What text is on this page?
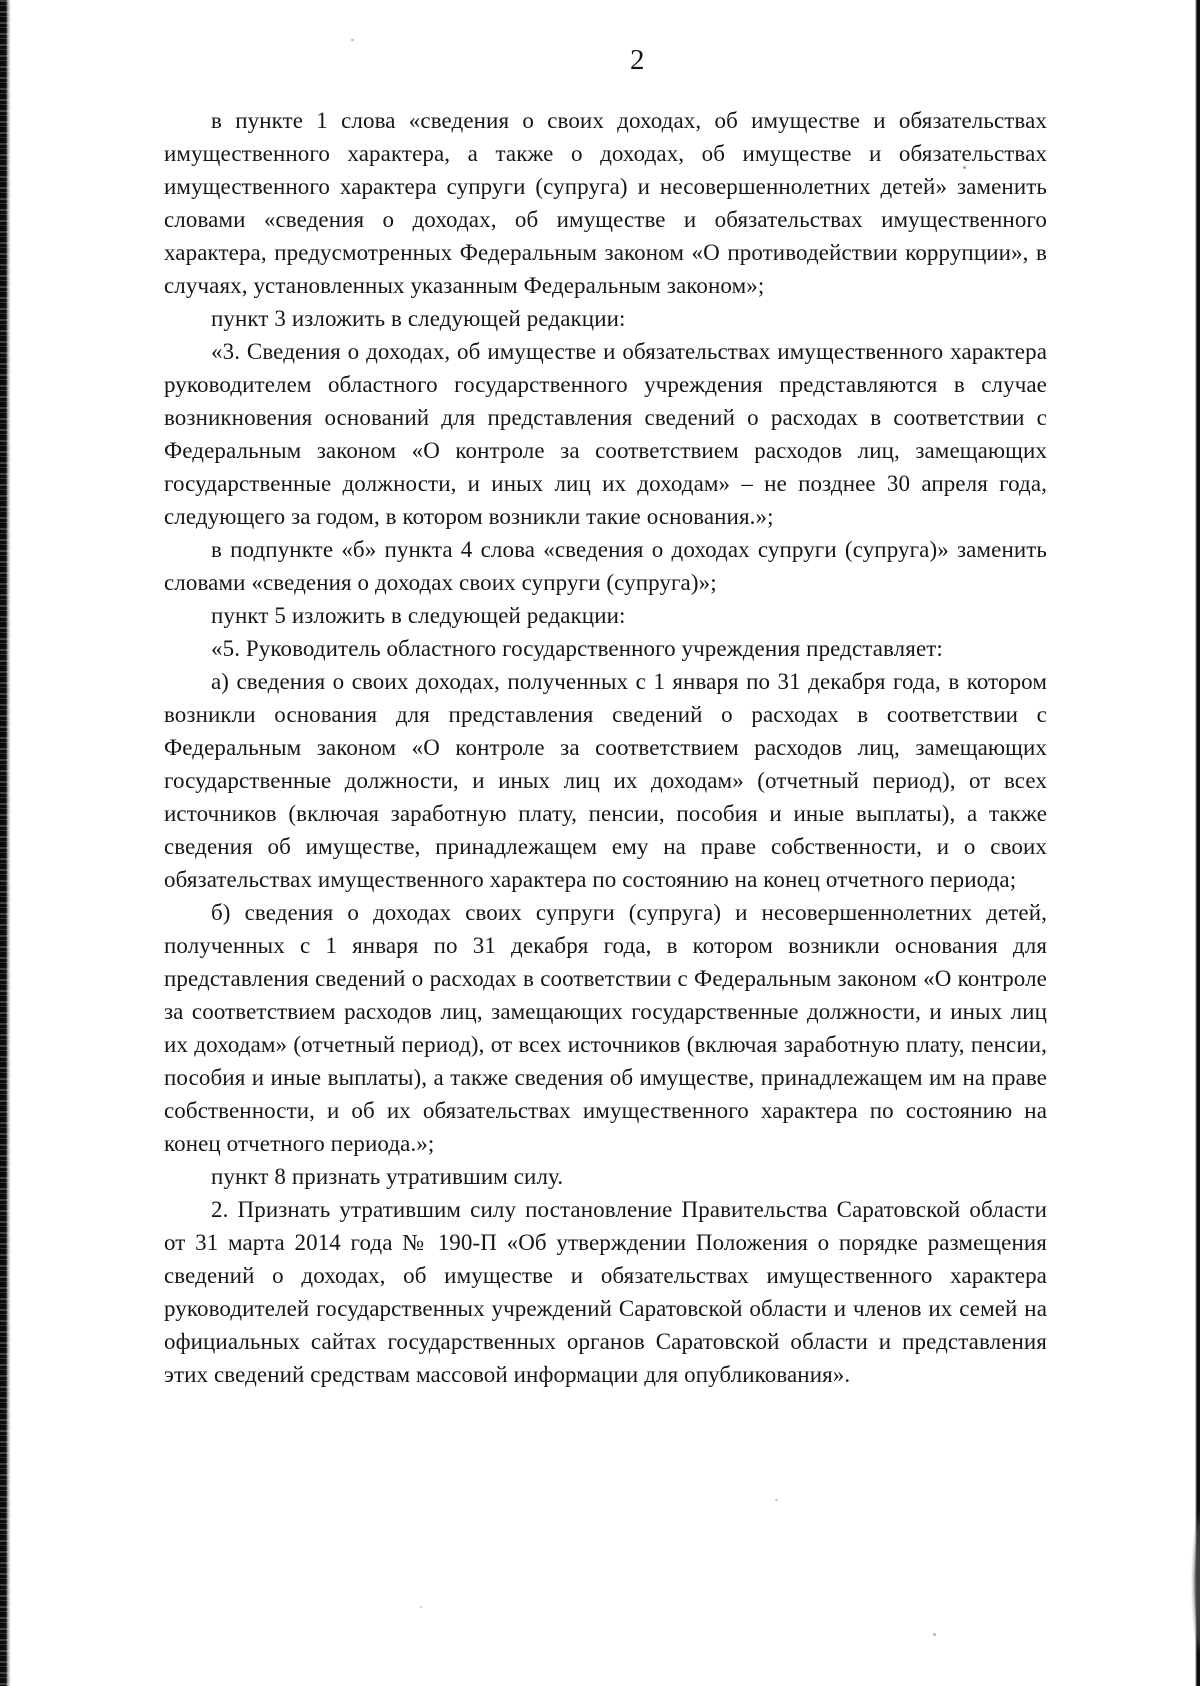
2

в пункте 1 слова «сведения о своих доходах, об имуществе и обязательствах имущественного характера, а также о доходах, об имуществе и обязательствах имущественного характера супруги (супруга) и несовершеннолетних детей» заменить словами «сведения о доходах, об имуществе и обязательствах имущественного характера, предусмотренных Федеральным законом «О противодействии коррупции», в случаях, установленных указанным Федеральным законом»;

пункт 3 изложить в следующей редакции:

«3. Сведения о доходах, об имуществе и обязательствах имущественного характера руководителем областного государственного учреждения представляются в случае возникновения оснований для представления сведений о расходах в соответствии с Федеральным законом «О контроле за соответствием расходов лиц, замещающих государственные должности, и иных лиц их доходам» – не позднее 30 апреля года, следующего за годом, в котором возникли такие основания.»;

в подпункте «б» пункта 4 слова «сведения о доходах супруги (супруга)» заменить словами «сведения о доходах своих супруги (супруга)»;

пункт 5 изложить в следующей редакции:

«5. Руководитель областного государственного учреждения представляет:

а) сведения о своих доходах, полученных с 1 января по 31 декабря года, в котором возникли основания для представления сведений о расходах в соответствии с Федеральным законом «О контроле за соответствием расходов лиц, замещающих государственные должности, и иных лиц их доходам» (отчетный период), от всех источников (включая заработную плату, пенсии, пособия и иные выплаты), а также сведения об имуществе, принадлежащем ему на праве собственности, и о своих обязательствах имущественного характера по состоянию на конец отчетного периода;

б) сведения о доходах своих супруги (супруга) и несовершеннолетних детей, полученных с 1 января по 31 декабря года, в котором возникли основания для представления сведений о расходах в соответствии с Федеральным законом «О контроле за соответствием расходов лиц, замещающих государственные должности, и иных лиц их доходам» (отчетный период), от всех источников (включая заработную плату, пенсии, пособия и иные выплаты), а также сведения об имуществе, принадлежащем им на праве собственности, и об их обязательствах имущественного характера по состоянию на конец отчетного периода.»;

пункт 8 признать утратившим силу.

2. Признать утратившим силу постановление Правительства Саратовской области от 31 марта 2014 года № 190-П «Об утверждении Положения о порядке размещения сведений о доходах, об имуществе и обязательствах имущественного характера руководителей государственных учреждений Саратовской области и членов их семей на официальных сайтах государственных органов Саратовской области и представления этих сведений средствам массовой информации для опубликования».
